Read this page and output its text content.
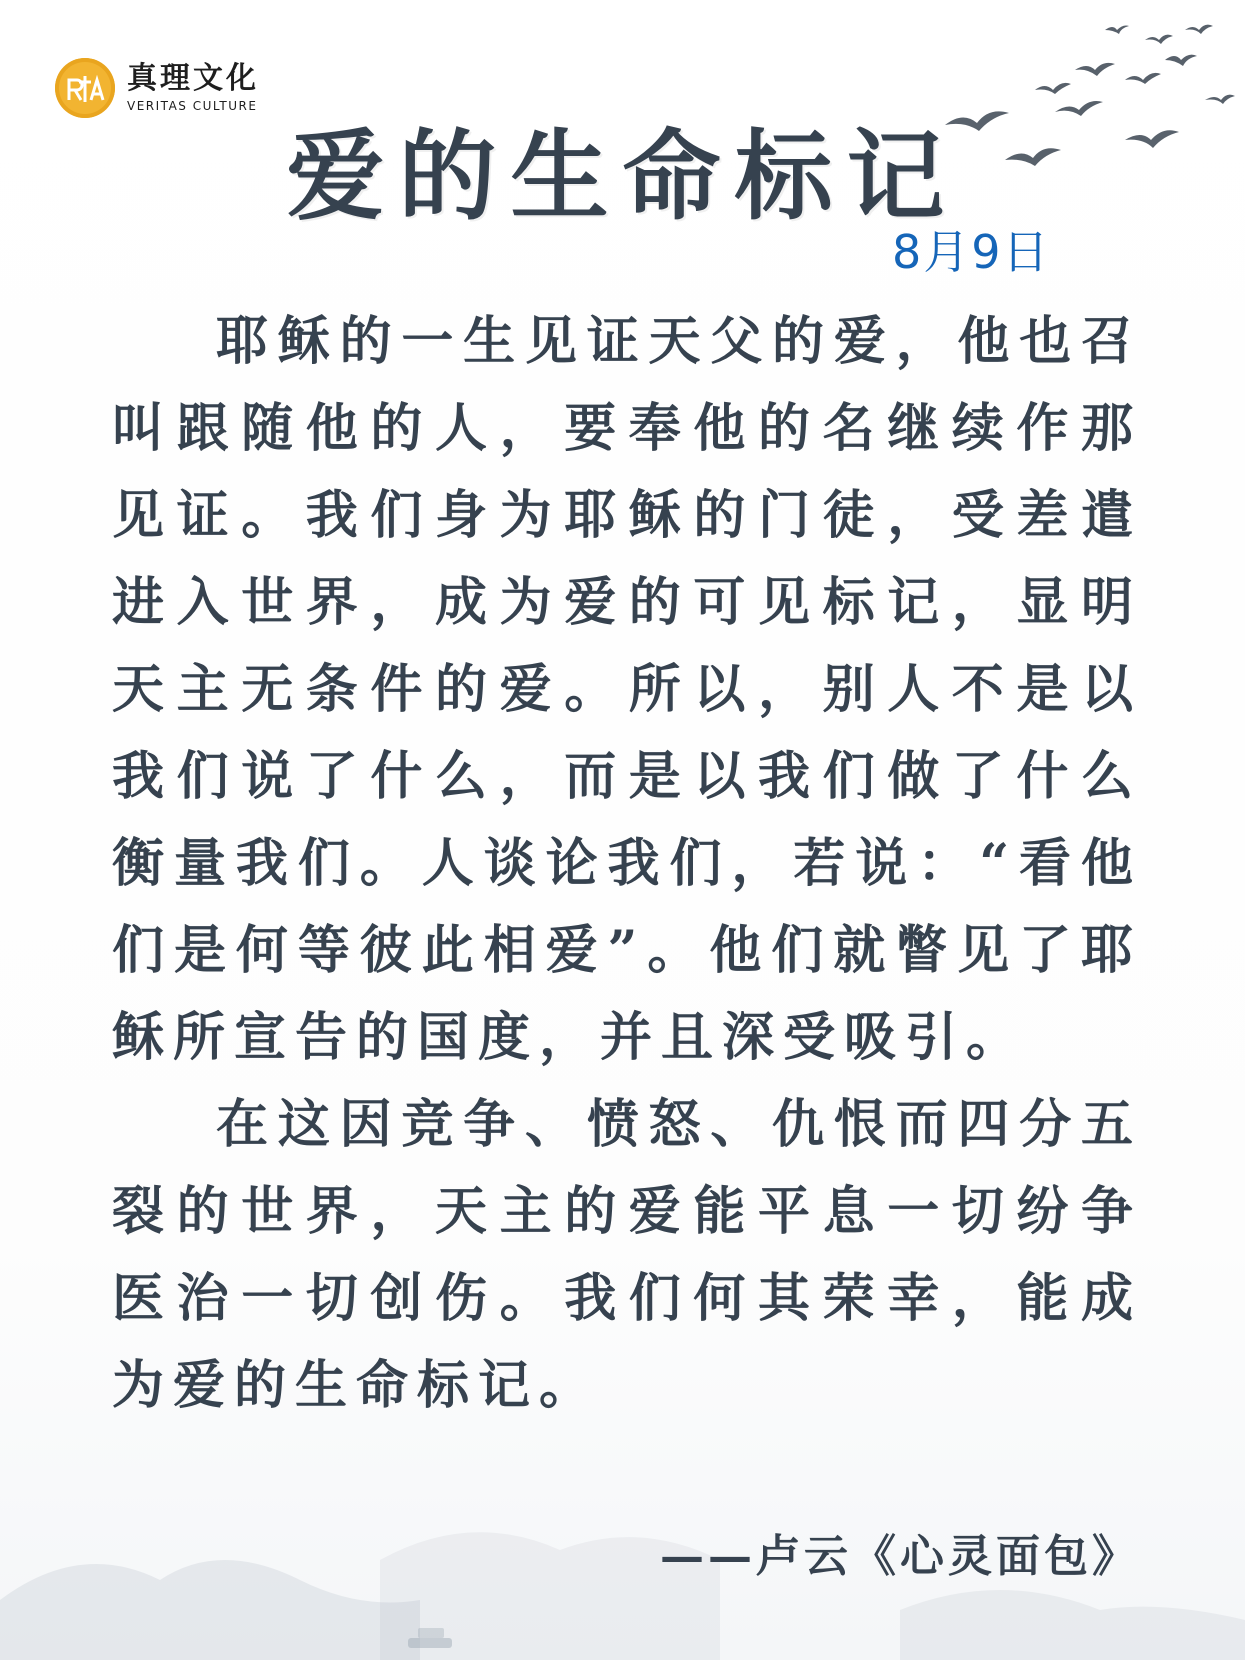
真理文化
VERITAS CULTURE
爱的生命标记
8月9日

耶稣的一生见证天父的爱，他也召叫跟随他的人，要奉他的名继续作那见证。我们身为耶稣的门徒，受差遣进入世界，成为爱的可见标记，显明天主无条件的爱。所以，别人不是以我们说了什么，而是以我们做了什么衡量我们。人谈论我们，若说：“看他们是何等彼此相爱”。他们就瞥见了耶稣所宣告的国度，并且深受吸引。

在这因竞争、愤怒、仇恨而四分五裂的世界，天主的爱能平息一切纷争医治一切创伤。我们何其荣幸，能成为爱的生命标记。

——卢云《心灵面包》
